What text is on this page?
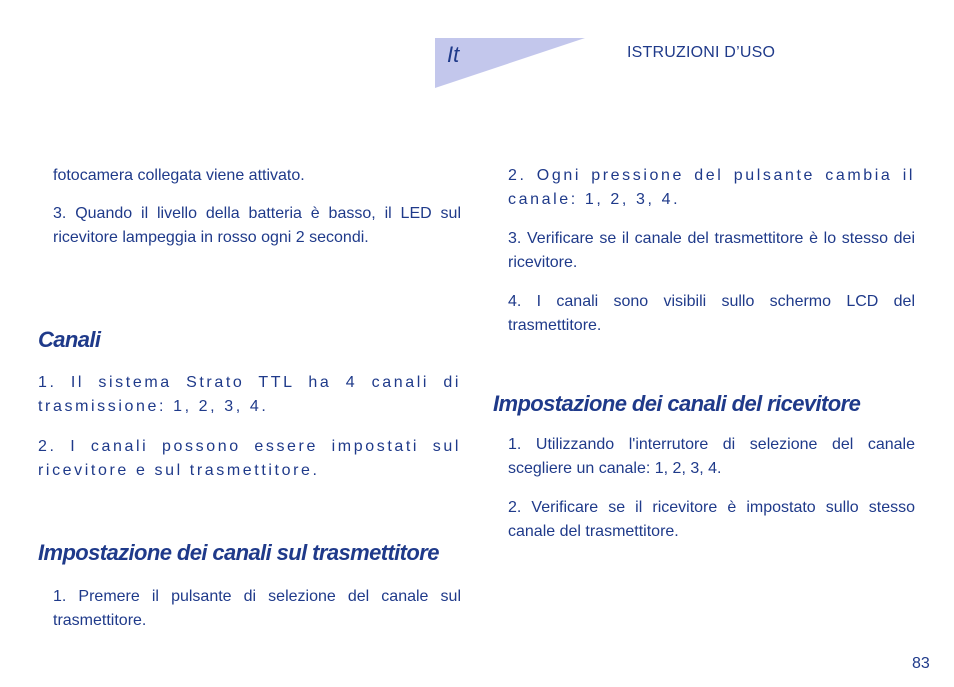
It	ISTRUZIONI D’USO

fotocamera collegata viene attivato.

3. Quando il livello della batteria è basso, il LED sul ricevitore lampeggia in rosso ogni 2 secondi.

Canali

1. Il sistema Strato TTL ha 4 canali di trasmissione: 1, 2, 3, 4.

2. I canali possono essere impostati sul ricevitore e sul trasmettitore.

Impostazione dei canali sul trasmettitore

1. Premere il pulsante di selezione del canale sul trasmettitore.

2. Ogni pressione del pulsante cambia il canale: 1, 2, 3, 4.

3. Verificare se il canale del trasmettitore è lo stesso dei ricevitore.

4. I canali sono visibili sullo schermo LCD del trasmettitore.

Impostazione dei canali del ricevitore

1. Utilizzando l'interrutore di selezione del canale scegliere un canale: 1, 2, 3, 4.

2. Verificare se il ricevitore è impostato sullo stesso canale del trasmettitore.

83
